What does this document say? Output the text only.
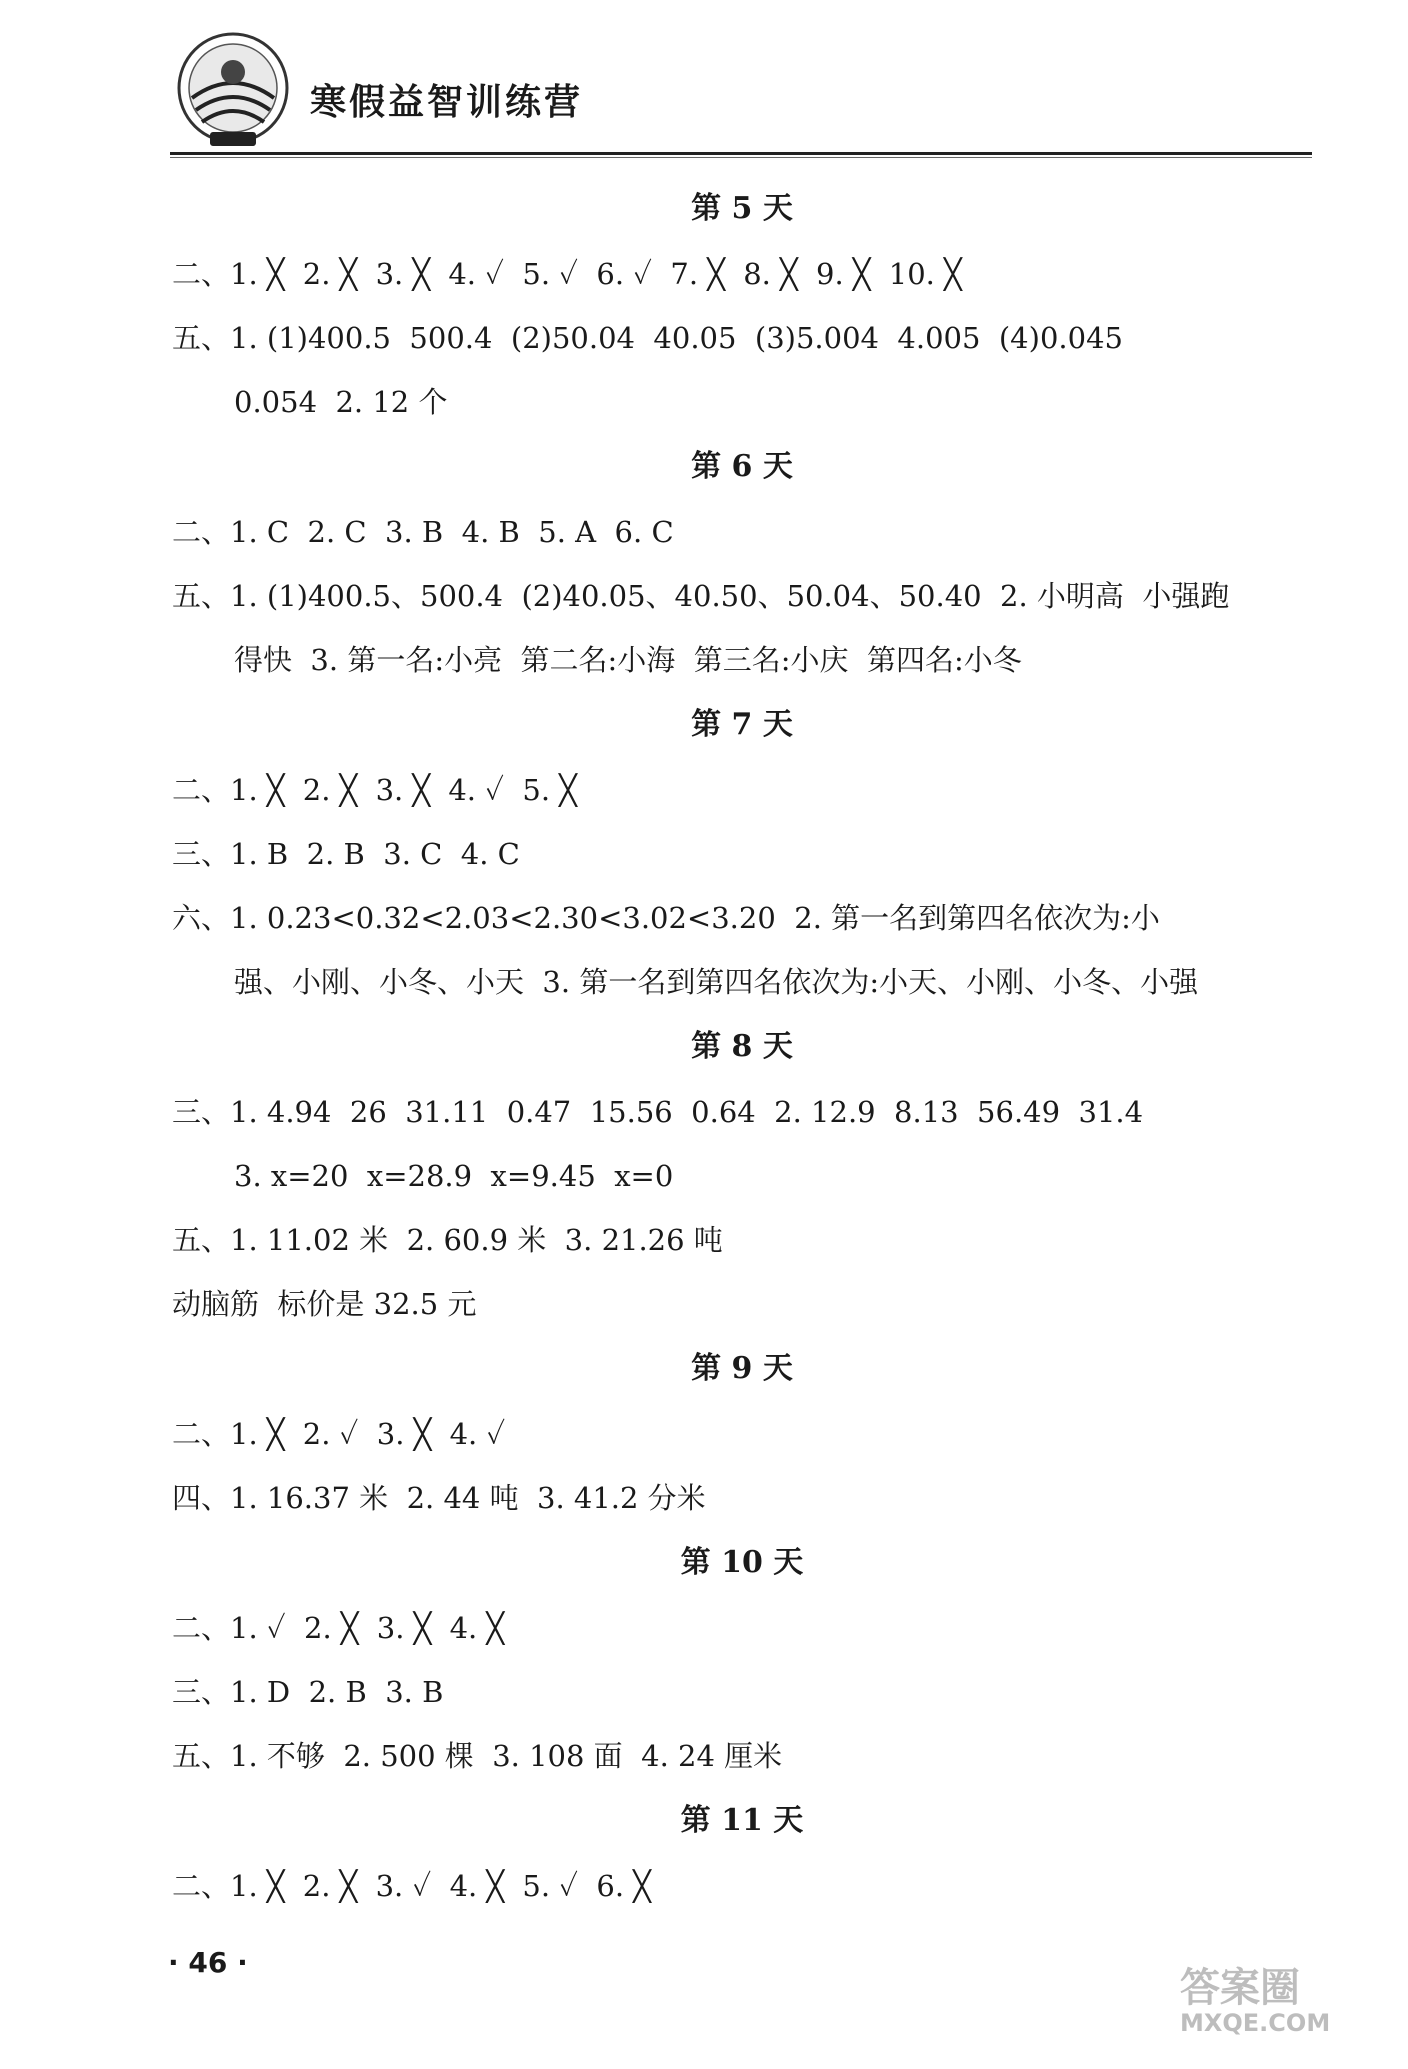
寒假益智训练营
第 5 天
二、1. ╳  2. ╳  3. ╳  4. ✓  5. ✓  6. ✓  7. ╳  8. ╳  9. ╳  10. ╳
五、1. (1)400.5  500.4  (2)50.04  40.05  (3)5.004  4.005  (4)0.045
0.054  2. 12 个
第 6 天
二、1. C  2. C  3. B  4. B  5. A  6. C
五、1. (1)400.5、500.4  (2)40.05、40.50、50.04、50.40  2. 小明高  小强跑
得快  3. 第一名:小亮  第二名:小海  第三名:小庆  第四名:小冬
第 7 天
二、1. ╳  2. ╳  3. ╳  4. ✓  5. ╳
三、1. B  2. B  3. C  4. C
六、1. 0.23<0.32<2.03<2.30<3.02<3.20  2. 第一名到第四名依次为:小
强、小刚、小冬、小天  3. 第一名到第四名依次为:小天、小刚、小冬、小强
第 8 天
三、1. 4.94  26  31.11  0.47  15.56  0.64  2. 12.9  8.13  56.49  31.4
3. x=20  x=28.9  x=9.45  x=0
五、1. 11.02 米  2. 60.9 米  3. 21.26 吨
动脑筋  标价是 32.5 元
第 9 天
二、1. ╳  2. ✓  3. ╳  4. ✓
四、1. 16.37 米  2. 44 吨  3. 41.2 分米
第 10 天
二、1. ✓  2. ╳  3. ╳  4. ╳
三、1. D  2. B  3. B
五、1. 不够  2. 500 棵  3. 108 面  4. 24 厘米
第 11 天
二、1. ╳  2. ╳  3. ✓  4. ╳  5. ✓  6. ╳
· 46 ·
答案圈
MXQE.COM
